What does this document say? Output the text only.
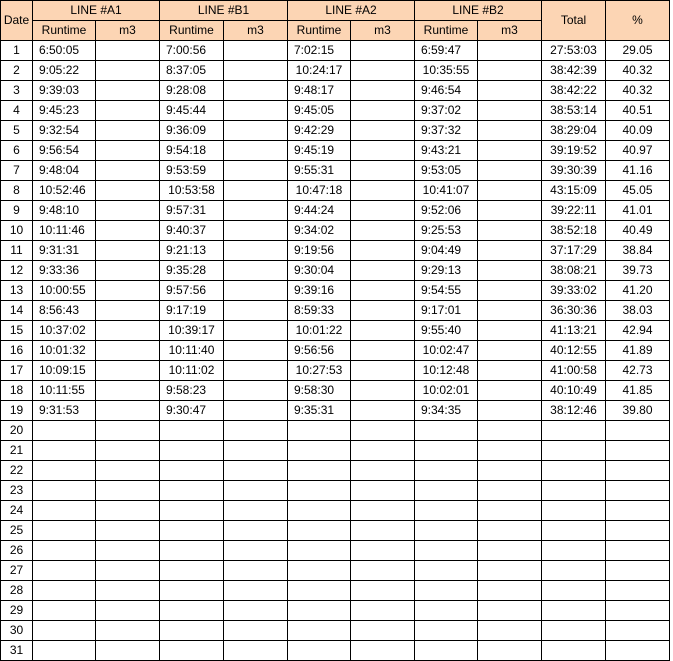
Date	LINE #A1		LINE #B1		LINE #A2		LINE #B2		Total	%
	Runtime	m3	Runtime	m3	Runtime	m3	Runtime	m3		
1	6:50:05		7:00:56		7:02:15		6:59:47		27:53:03	29.05
2	9:05:22		8:37:05		10:24:17		10:35:55		38:42:39	40.32
3	9:39:03		9:28:08		9:48:17		9:46:54		38:42:22	40.32
4	9:45:23		9:45:44		9:45:05		9:37:02		38:53:14	40.51
5	9:32:54		9:36:09		9:42:29		9:37:32		38:29:04	40.09
6	9:56:54		9:54:18		9:45:19		9:43:21		39:19:52	40.97
7	9:48:04		9:53:59		9:55:31		9:53:05		39:30:39	41.16
8	10:52:46		10:53:58		10:47:18		10:41:07		43:15:09	45.05
9	9:48:10		9:57:31		9:44:24		9:52:06		39:22:11	41.01
10	10:11:46		9:40:37		9:34:02		9:25:53		38:52:18	40.49
11	9:31:31		9:21:13		9:19:56		9:04:49		37:17:29	38.84
12	9:33:36		9:35:28		9:30:04		9:29:13		38:08:21	39.73
13	10:00:55		9:57:56		9:39:16		9:54:55		39:33:02	41.20
14	8:56:43		9:17:19		8:59:33		9:17:01		36:30:36	38.03
15	10:37:02		10:39:17		10:01:22		9:55:40		41:13:21	42.94
16	10:01:32		10:11:40		9:56:56		10:02:47		40:12:55	41.89
17	10:09:15		10:11:02		10:27:53		10:12:48		41:00:58	42.73
18	10:11:55		9:58:23		9:58:30		10:02:01		40:10:49	41.85
19	9:31:53		9:30:47		9:35:31		9:34:35		38:12:46	39.80
20										
21										
22										
23										
24										
25										
26										
27										
28										
29										
30										
31										
